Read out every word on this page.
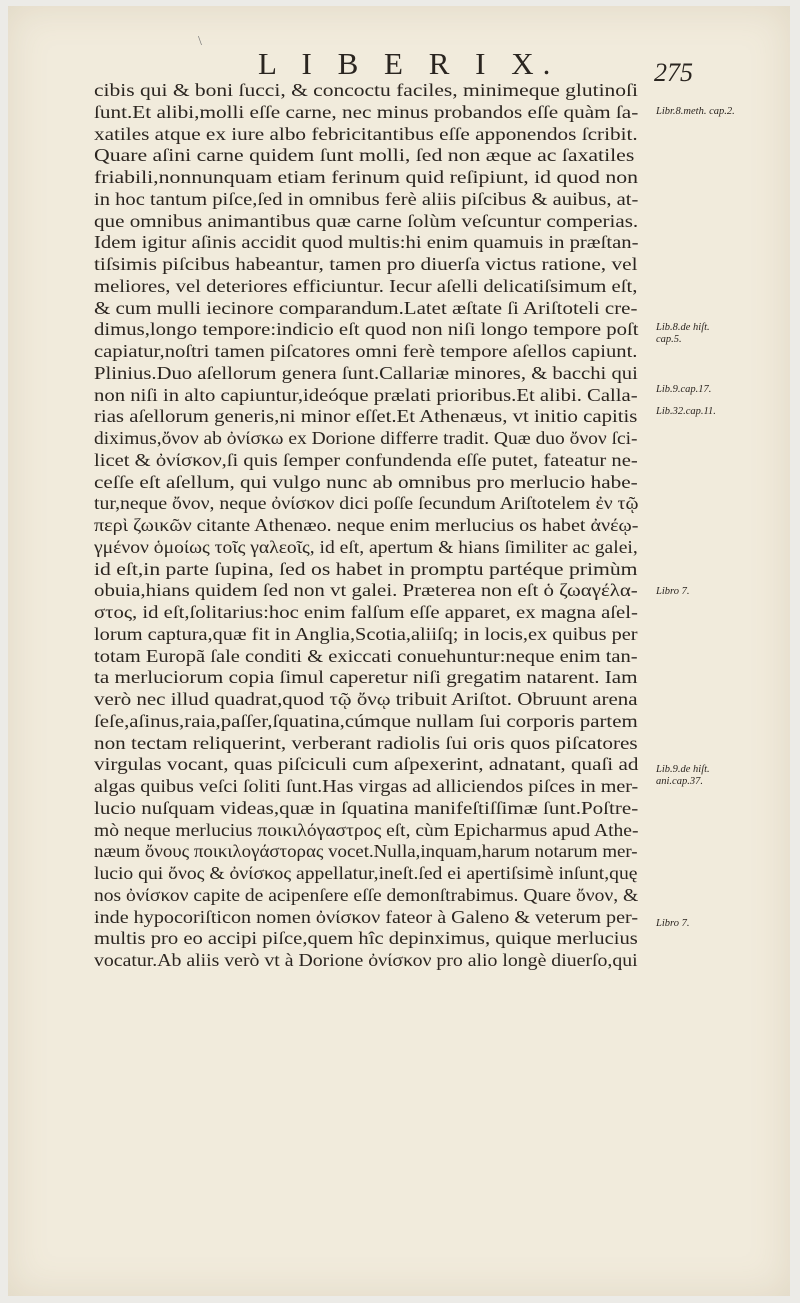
\
L I B E R I X.	275
cibis qui & boni ſucci, & concoctu faciles, minimeque glutinoſi
ſunt.Et alibi,molli eſſe carne, nec minus probandos eſſe quàm ſa-
xatiles atque ex iure albo febricitantibus eſſe apponendos ſcribit.
Quare aſini carne quidem ſunt molli, ſed non æque ac ſaxatiles
friabili,nonnunquam etiam ferinum quid reſipiunt, id quod non
in hoc tantum piſce,ſed in omnibus ferè aliis piſcibus & auibus, at-
que omnibus animantibus quæ carne ſolùm veſcuntur comperias.
Idem igitur aſinis accidit quod multis:hi enim quamuis in præſtan-
tiſsimis piſcibus habeantur, tamen pro diuerſa victus ratione, vel
meliores, vel deteriores efficiuntur. Iecur aſelli delicatiſsimum eſt,
& cum mulli iecinore comparandum.Latet æſtate ſi Ariſtoteli cre-
dimus,longo tempore:indicio eſt quod non niſi longo tempore poſt
capiatur,noſtri tamen piſcatores omni ferè tempore aſellos capiunt.
Plinius.Duo aſellorum genera ſunt.Callariæ minores, & bacchi qui
non niſi in alto capiuntur,ideóque prælati prioribus.Et alibi. Calla-
rias aſellorum generis,ni minor eſſet.Et Athenæus, vt initio capitis
diximus,ὄνον ab ὀνίσκω ex Dorione differre tradit. Quæ duo ὄνον ſci-
licet & ὀνίσκον,ſi quis ſemper confundenda eſſe putet, fateatur ne-
ceſſe eſt aſellum, qui vulgo nunc ab omnibus pro merlucio habe-
tur,neque ὄνον, neque ὀνίσκον dici poſſe ſecundum Ariſtotelem ἐν τῷ
περὶ ζωικῶν citante Athenæo. neque enim merlucius os habet ἀνέῳ-
γμένον ὁμοίως τοῖς γαλεοῖς, id eſt, apertum & hians ſimiliter ac galei,
id eſt,in parte ſupina, ſed os habet in promptu partéque primùm
obuia,hians quidem ſed non vt galei. Præterea non eſt ὁ ζωαγέλα-
στος, id eſt,ſolitarius:hoc enim falſum eſſe apparet, ex magna aſel-
lorum captura,quæ fit in Anglia,Scotia,aliiſq; in locis,ex quibus per
totam Europã ſale conditi & exiccati conuehuntur:neque enim tan-
ta merluciorum copia ſimul caperetur niſi gregatim natarent. Iam
verò nec illud quadrat,quod τῷ ὄνῳ tribuit Ariſtot. Obruunt arena
ſeſe,aſinus,raia,paſſer,ſquatina,cúmque nullam ſui corporis partem
non tectam reliquerint, verberant radiolis ſui oris quos piſcatores
virgulas vocant, quas piſciculi cum aſpexerint, adnatant, quaſi ad
algas quibus veſci ſoliti ſunt.Has virgas ad alliciendos piſces in mer-
lucio nuſquam videas,quæ in ſquatina manifeſtiſſimæ ſunt.Poſtre-
mò neque merlucius ποικιλόγαστρος eſt, cùm Epicharmus apud Athe-
næum ὄνους ποικιλογάστορας vocet.Nulla,inquam,harum notarum mer-
lucio qui ὄνος & ὀνίσκος appellatur,ineſt.ſed ei apertiſsimè inſunt,quę
nos ὀνίσκον capite de acipenſere eſſe demonſtrabimus. Quare ὄνον, &
inde hypocoriſticon nomen ὀνίσκον fateor à Galeno & veterum per-
multis pro eo accipi piſce,quem hîc depinximus, quique merlucius
vocatur.Ab aliis verò vt à Dorione ὀνίσκον pro alio longè diuerſo,qui
Libr.8.meth. cap.2.
Lib.8.de hiſt. cap.5.
Lib.9.cap.17.
Lib.32.cap.11.
Libro 7.
Lib.9.de hiſt. ani.cap.37.
Libro 7.
